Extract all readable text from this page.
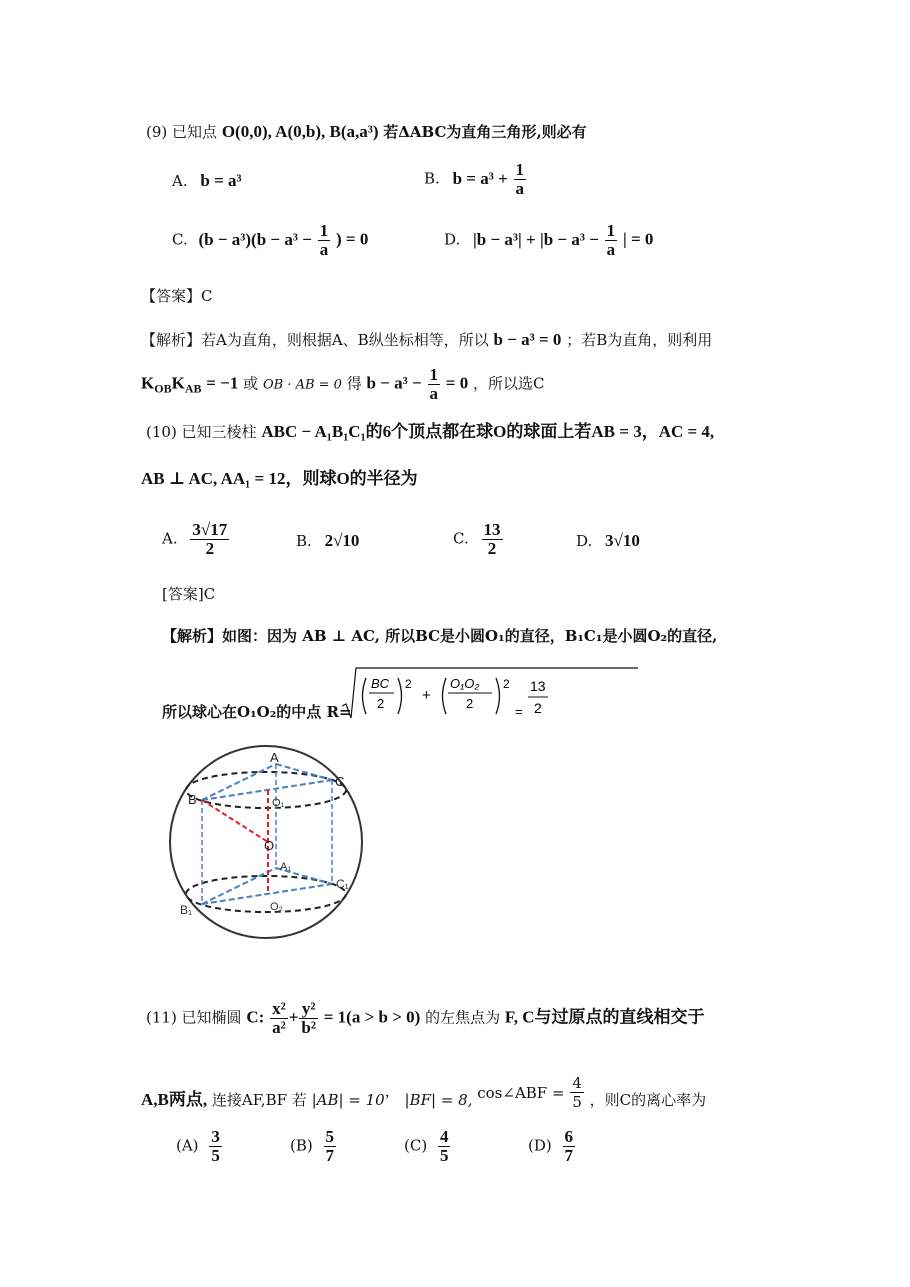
(9) 已知点 O(0,0), A(0,b), B(a,a³) 若ΔABC为直角三角形,则必有
A. b = a³	B. $b = a^3 + \frac{1}{a}$
C. $(b - a^3)(b - a^3 - \frac{1}{a}$ ) = 0	D. $|b - a^3| + |b - a^3 - \frac{1}{a}$ | = 0
【答案】C
【解析】若A为直角，则根据A、B纵坐标相等，所以 b − a³ = 0 ；若B为直角，则利用
$K_{OB}K_{AB} = -1$ 或 OB · AB = 0 得 $b - a^3 - \frac{1}{a} = 0$ ，所以选C
(10) 已知三棱柱 ABC − A₁B₁C₁的6个顶点都在球O的球面上若AB = 3，AC = 4,
AB ⊥ AC, AA₁ = 12，则球O的半径为
A. $\frac{3√17}{2}$	B. 2√10	C. $\frac{13}{2}$	D. 3√10
[答案]C
【解析】如图：因为 AB ⊥ AC, 所以BC是小圆O₁的直径，B₁C₁是小圆O₂的直径,
所以球心在O₁O₂的中点 R=
BC
2
2
+
O₁O₂
2
2
=
13
2
A
C
B	O₁
O
A₁
C₁
B₁	O₂
(11) 已知椭圆 C: $\frac{\text{x²}}{\text{a²}} + \frac{\text{y²}}{\text{b²}} = 1(a > b > 0)$ 的左焦点为 F, C与过原点的直线相交于
A,B两点, 连接AF,BF 若 |AB| = 10， |BF| = 8, cos∠ABF = $\frac{4}{5}$ ，则C的离心率为
$(A) \frac{3}{5}$	$(B) \frac{5}{7}$	$(C) \frac{4}{5}$	$(D) \frac{6}{7}$
